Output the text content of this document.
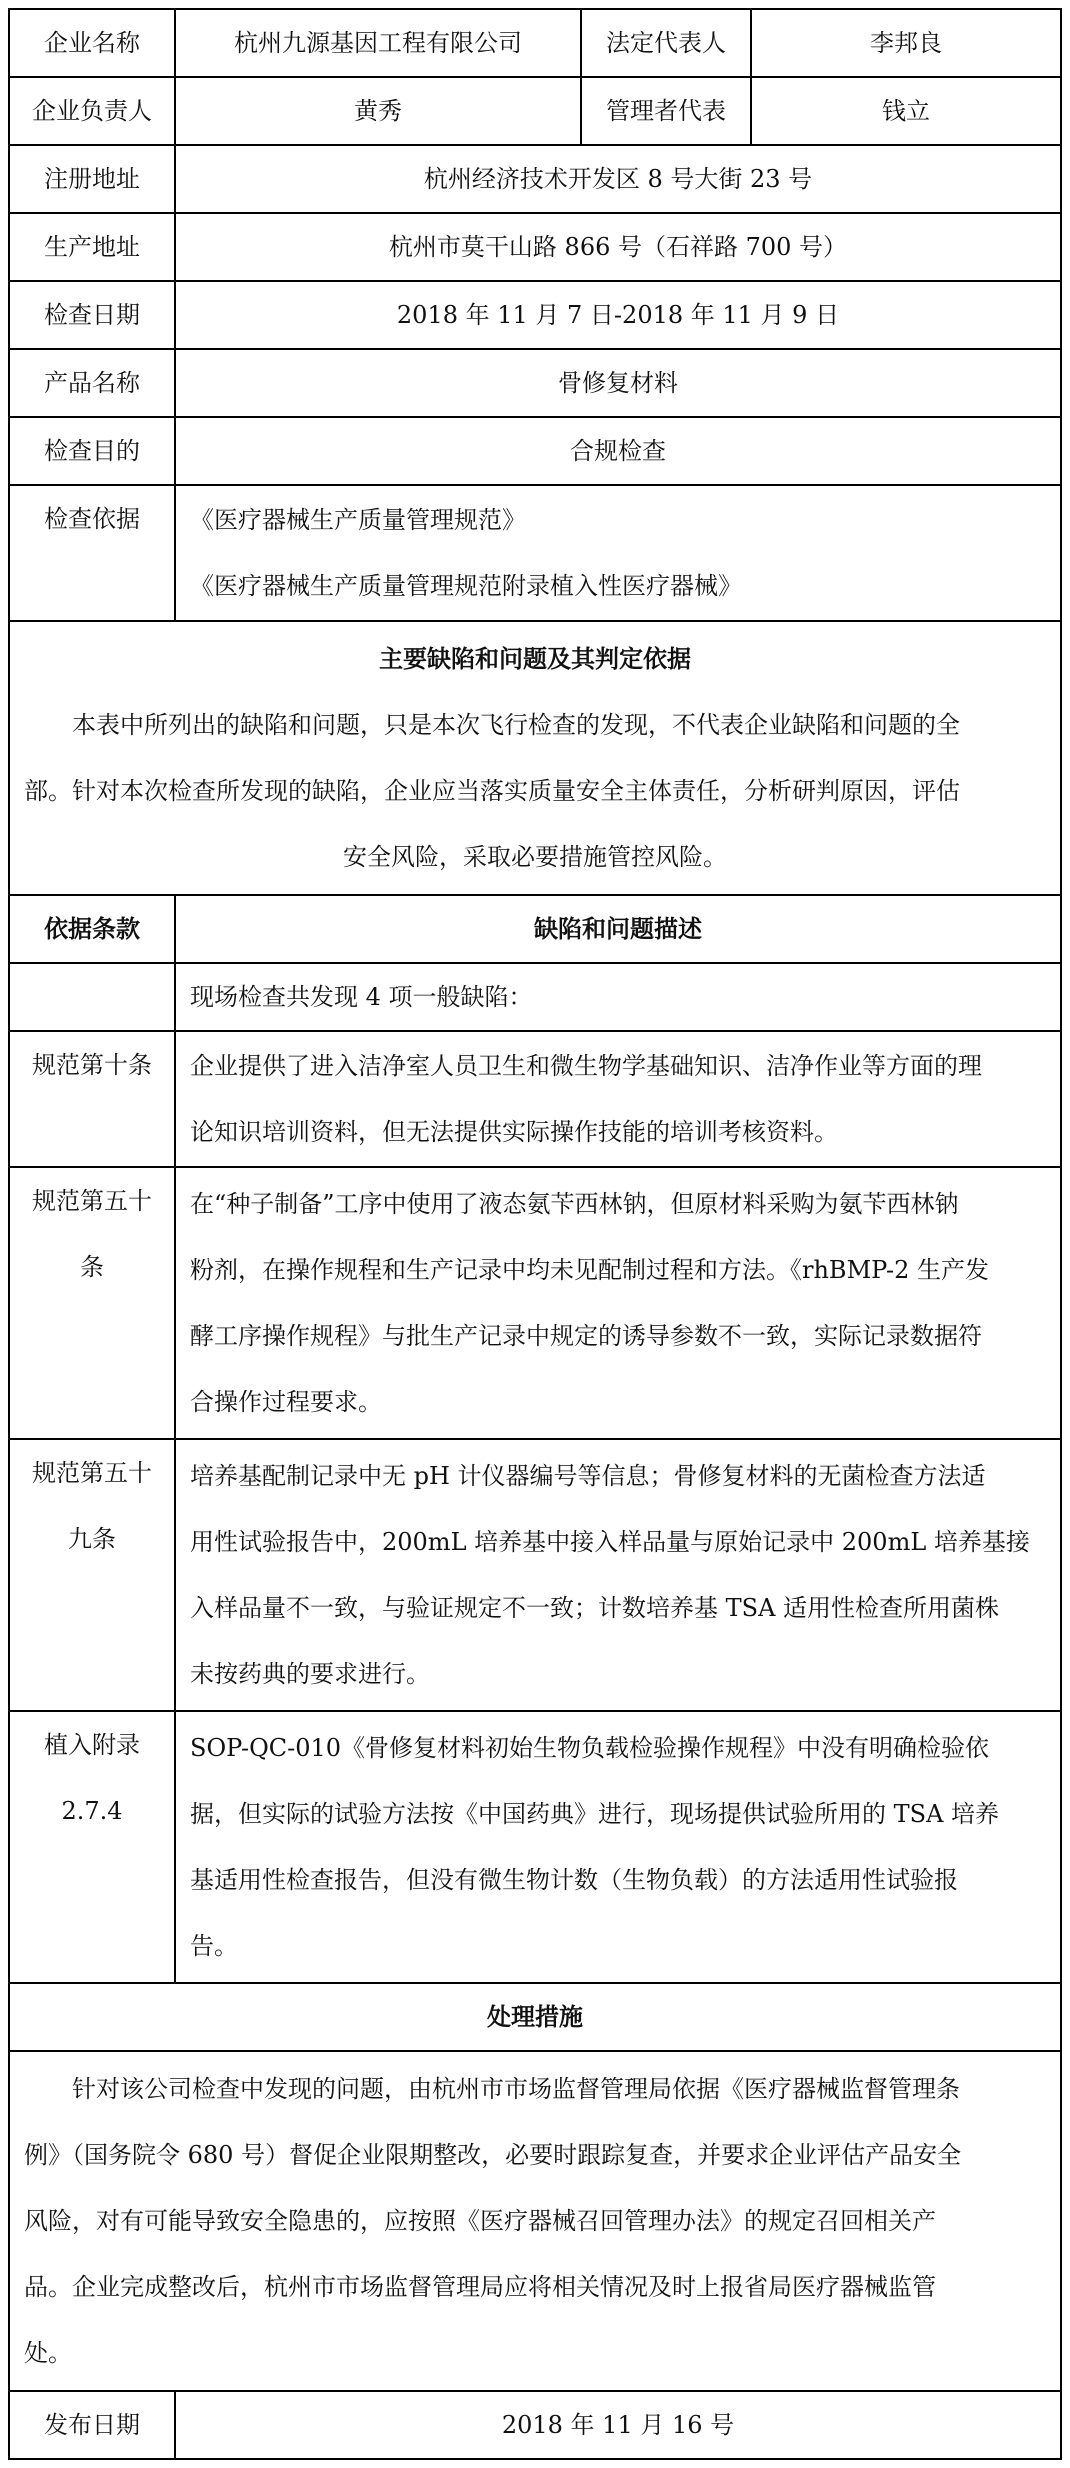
企业名称	杭州九源基因工程有限公司	法定代表人	李邦良
企业负责人	黄秀	管理者代表	钱立
注册地址	杭州经济技术开发区 8 号大街 23 号		
生产地址	杭州市莫干山路 866 号（石祥路 700 号）		
检查日期	2018 年 11 月 7 日-2018 年 11 月 9 日		
产品名称	骨修复材料		
检查目的	合规检查		
检查依据	《医疗器械生产质量管理规范》
《医疗器械生产质量管理规范附录植入性医疗器械》		

主要缺陷和问题及其判定依据
本表中所列出的缺陷和问题，只是本次飞行检查的发现，不代表企业缺陷和问题的全
部。针对本次检查所发现的缺陷，企业应当落实质量安全主体责任，分析研判原因，评估
安全风险，采取必要措施管控风险。			

依据条款	缺陷和问题描述		
	现场检查共发现 4 项一般缺陷：		

规范第十条	企业提供了进入洁净室人员卫生和微生物学基础知识、洁净作业等方面的理
论知识培训资料，但无法提供实际操作技能的培训考核资料。		

规范第五十
条	在“种子制备”工序中使用了液态氨苄西林钠，但原材料采购为氨苄西林钠
粉剂，在操作规程和生产记录中均未见配制过程和方法。《rhBMP-2 生产发
酵工序操作规程》与批生产记录中规定的诱导参数不一致，实际记录数据符
合操作过程要求。		

规范第五十
九条	培养基配制记录中无 pH 计仪器编号等信息；骨修复材料的无菌检查方法适
用性试验报告中，200mL 培养基中接入样品量与原始记录中 200mL 培养基接
入样品量不一致，与验证规定不一致；计数培养基 TSA 适用性检查所用菌株
未按药典的要求进行。		

植入附录
2.7.4	SOP-QC-010《骨修复材料初始生物负载检验操作规程》中没有明确检验依
据，但实际的试验方法按《中国药典》进行，现场提供试验所用的 TSA 培养
基适用性检查报告，但没有微生物计数（生物负载）的方法适用性试验报
告。		

处理措施			

针对该公司检查中发现的问题，由杭州市市场监督管理局依据《医疗器械监督管理条
例》（国务院令 680 号）督促企业限期整改，必要时跟踪复查，并要求企业评估产品安全
风险，对有可能导致安全隐患的，应按照《医疗器械召回管理办法》的规定召回相关产
品。企业完成整改后，杭州市市场监督管理局应将相关情况及时上报省局医疗器械监管
处。			

发布日期	2018 年 11 月 16 号		
